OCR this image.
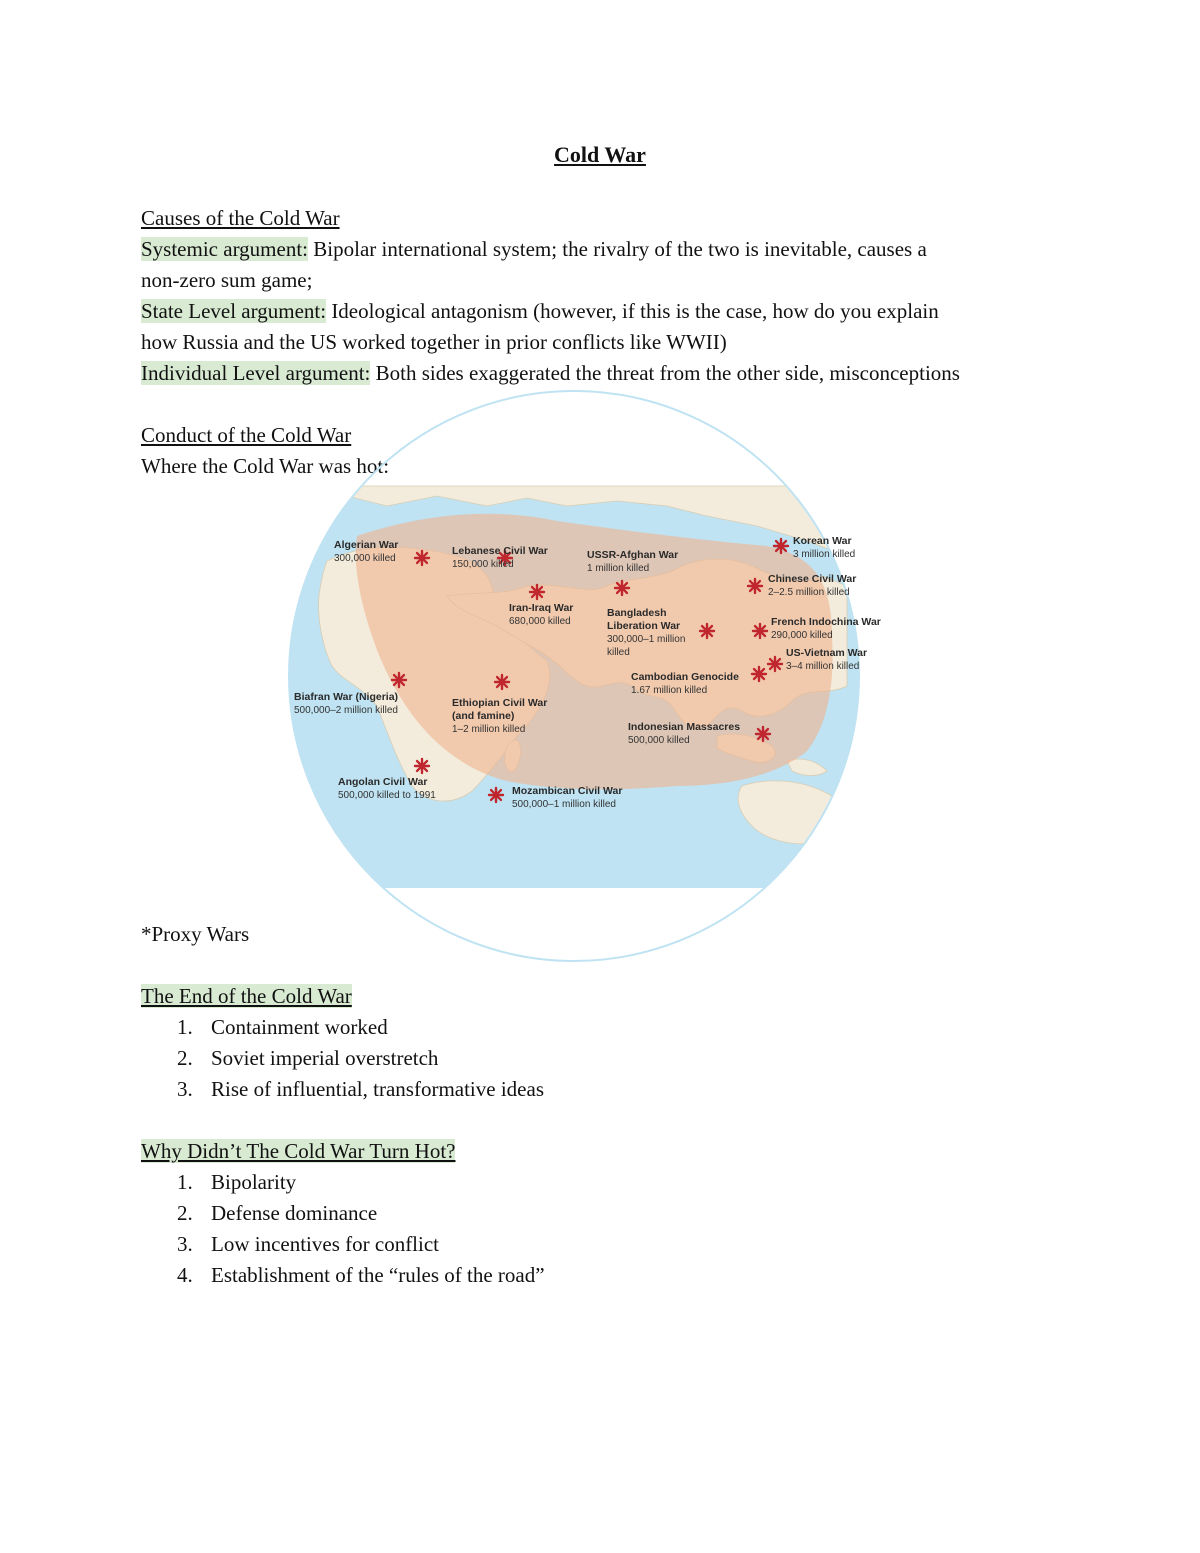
Cold War

Causes of the Cold War

Systemic argument: Bipolar international system; the rivalry of the two is inevitable, causes a

non-zero sum game;

State Level argument: Ideological antagonism (however, if this is the case, how do you explain

how Russia and the US worked together in prior conflicts like WWII)

Individual Level argument: Both sides exaggerated the threat from the other side, misconceptions

Conduct of the Cold War

Where the Cold War was hot:

Algerian War
300,000 killed
Lebanese Civil War
150,000 killed
USSR-Afghan War
1 million killed
Korean War
3 million killed
Chinese Civil War
2–2.5 million killed
Iran-Iraq War
680,000 killed
Bangladesh
Liberation War
300,000–1 million
killed
French Indochina War
290,000 killed
US-Vietnam War
3–4 million killed
Cambodian Genocide
1.67 million killed
Biafran War (Nigeria)
500,000–2 million killed
Ethiopian Civil War
(and famine)
1–2 million killed	Indonesian Massacres
500,000 killed
Angolan Civil War
500,000 killed to 1991	Mozambican Civil War
500,000–1 million killed

*Proxy Wars

The End of the Cold War

1. Containment worked
2. Soviet imperial overstretch
3. Rise of influential, transformative ideas

Why Didn’t The Cold War Turn Hot?

1. Bipolarity
2. Defense dominance
3. Low incentives for conflict
4. Establishment of the “rules of the road”
